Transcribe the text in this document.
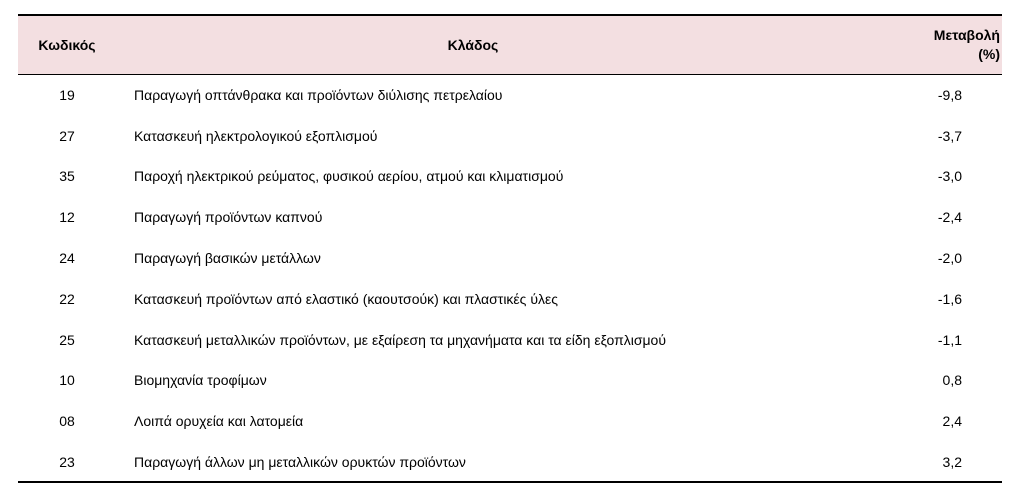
Κωδικός	Κλάδος	Μεταβολή
(%)
19	Παραγωγή οπτάνθρακα και προϊόντων διύλισης πετρελαίου	-9,8
27	Κατασκευή ηλεκτρολογικού εξοπλισμού	-3,7
35	Παροχή ηλεκτρικού ρεύματος, φυσικού αερίου, ατμού και κλιματισμού	-3,0
12	Παραγωγή προϊόντων καπνού	-2,4
24	Παραγωγή βασικών μετάλλων	-2,0
22	Κατασκευή προϊόντων από ελαστικό (καουτσούκ) και πλαστικές ύλες	-1,6
25	Κατασκευή μεταλλικών προϊόντων, με εξαίρεση τα μηχανήματα και τα είδη εξοπλισμού	-1,1
10	Βιομηχανία τροφίμων	0,8
08	Λοιπά ορυχεία και λατομεία	2,4
23	Παραγωγή άλλων μη μεταλλικών ορυκτών προϊόντων	3,2
